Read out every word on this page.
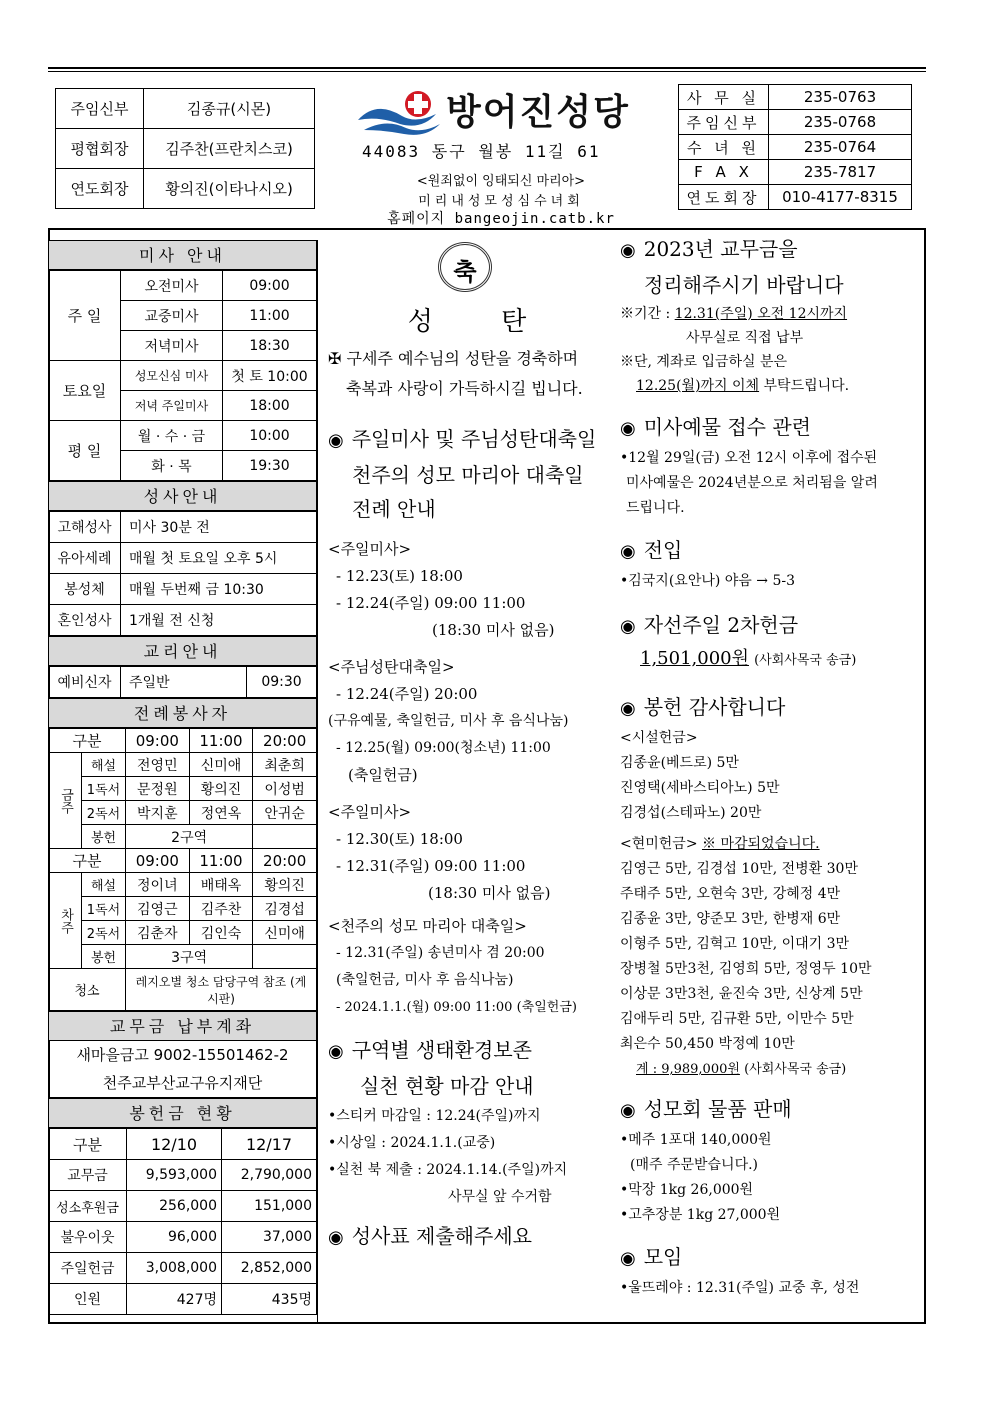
주임신부	김종규(시몬)
평협회장	김주찬(프란치스코)
연도회장	황의진(이타나시오)
방어진성당
44083 동구 월봉 11길 61
<원죄없이 잉태되신 마리아>
미리내성모성심수녀회
홈페이지 bangeojin.catb.kr
사 무 실	235-0763
주임신부	235-0768
수 녀 원	235-0764
F A X	235-7817
연도회장	010-4177-8315
미사 안내
주 일	오전미사	09:00
	교중미사	11:00
	저녁미사	18:30
토요일	성모신심 미사	첫 토 10:00
	저녁 주일미사	18:00
평 일	월 · 수 · 금	10:00
	화 · 목	19:30
성사안내
고해성사	미사 30분 전
유아세례	매월 첫 토요일 오후 5시
봉성체	매월 두번째 금 10:30
혼인성사	1개월 전 신청
교리안내
예비신자	주일반	09:30
전례봉사자
구분		09:00	11:00	20:00
금주	해설	전영민	신미애	최춘희
	1독서	문정원	황의진	이성범
	2독서	박지훈	정연옥	안귀순
	봉헌	2구역		
구분		09:00	11:00	20:00
차주	해설	정이녀	배태옥	황의진
	1독서	김영근	김주찬	김경섭
	2독서	김춘자	김인숙	신미애
	봉헌	3구역		
청소		레지오별 청소 담당구역 참조 (게시판)		
교무금 납부계좌
새마을금고 9002-15501462-2
천주교부산교구유지재단
봉헌금 현황
구분	12/10	12/17
교무금	9,593,000	2,790,000
성소후원금	256,000	151,000
불우이웃	96,000	37,000
주일헌금	3,008,000	2,852,000
인원	427명	435명
축
성 탄
✠ 구세주 예수님의 성탄을 경축하며
축복과 사랑이 가득하시길 빕니다.
◉ 주일미사 및 주님성탄대축일
천주의 성모 마리아 대축일
전례 안내
<주일미사>
- 12.23(토) 18:00
- 12.24(주일) 09:00 11:00
(18:30 미사 없음)
<주님성탄대축일>
- 12.24(주일) 20:00
(구유예물, 축일헌금, 미사 후 음식나눔)
- 12.25(월) 09:00(청소년) 11:00
(축일헌금)
<주일미사>
- 12.30(토) 18:00
- 12.31(주일) 09:00 11:00
(18:30 미사 없음)
<천주의 성모 마리아 대축일>
- 12.31(주일) 송년미사 겸 20:00
(축일헌금, 미사 후 음식나눔)
- 2024.1.1.(월) 09:00 11:00 (축일헌금)
◉ 구역별 생태환경보존
실천 현황 마감 안내
•스티커 마감일 : 12.24(주일)까지
•시상일 : 2024.1.1.(교중)
•실천 북 제출 : 2024.1.14.(주일)까지
사무실 앞 수거함
◉ 성사표 제출해주세요
◉ 2023년 교무금을
정리해주시기 바랍니다
※기간 : 12.31(주일) 오전 12시까지
사무실로 직접 납부
※단, 계좌로 입금하실 분은
12.25(월)까지 이체 부탁드립니다.
◉ 미사예물 접수 관련
•12월 29일(금) 오전 12시 이후에 접수된
미사예물은 2024년분으로 처리됨을 알려
드립니다.
◉ 전입
•김국지(요안나) 야음 → 5-3
◉ 자선주일 2차헌금
1,501,000원 (사회사목국 송금)
◉ 봉헌 감사합니다
<시설헌금>
김종윤(베드로) 5만
진영택(세바스티아노) 5만
김경섭(스테파노) 20만
<현미헌금> ※ 마감되었습니다.
김영근 5만, 김경섭 10만, 전병환 30만
주태주 5만, 오현숙 3만, 강혜정 4만
김종윤 3만, 양준모 3만, 한병재 6만
이형주 5만, 김혁고 10만, 이대기 3만
장병철 5만3천, 김영희 5만, 정영두 10만
이상문 3만3천, 윤진숙 3만, 신상계 5만
김애두리 5만, 김규환 5만, 이만수 5만
최은수 50,450 박정예 10만
계 : 9,989,000원 (사회사목국 송금)
◉ 성모회 물품 판매
•메주 1포대 140,000원
(매주 주문받습니다.)
•막장 1kg 26,000원
•고추장분 1kg 27,000원
◉ 모임
•울뜨레야 : 12.31(주일) 교중 후, 성전
